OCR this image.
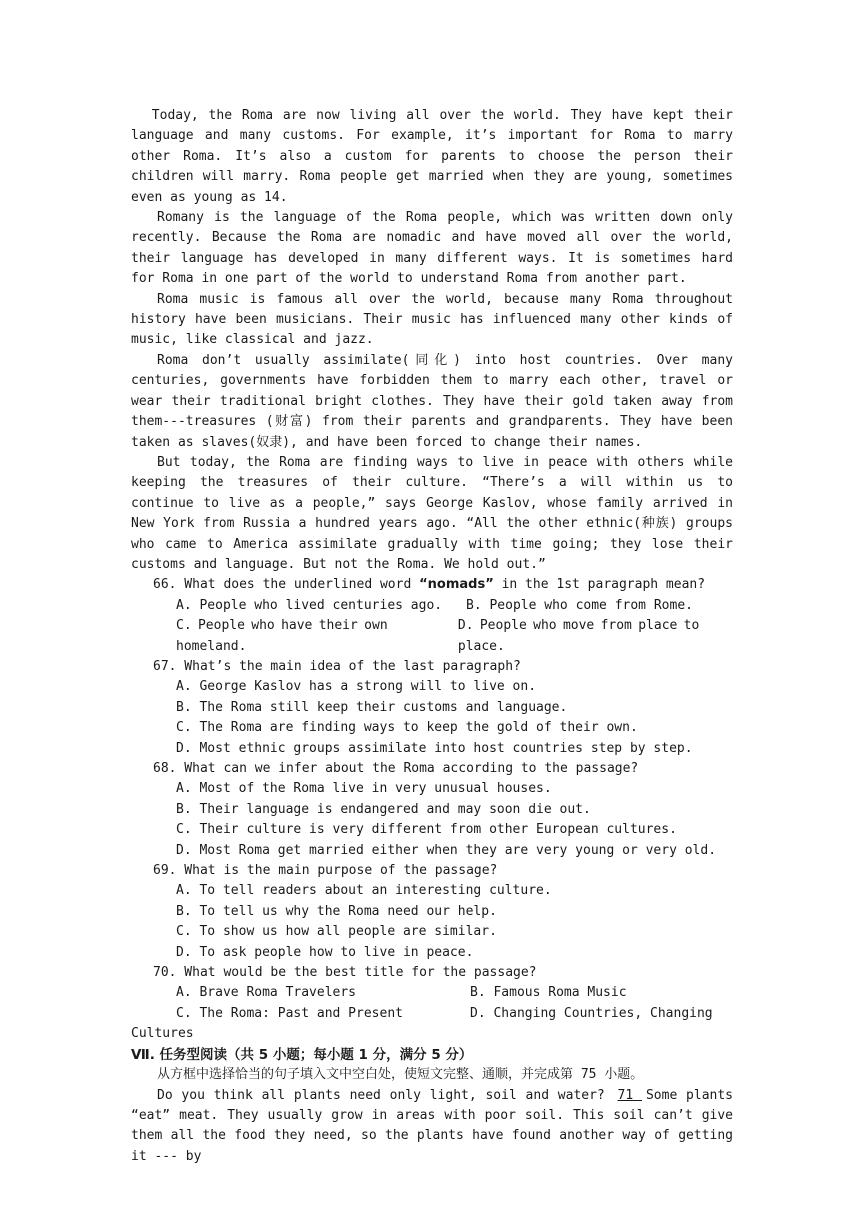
Today, the Roma are now living all over the world. They have kept their language and many customs. For example, it’s important for Roma to marry other Roma. It’s also a custom for parents to choose the person their children will marry. Roma people get married when they are young, sometimes even as young as 14.

Romany is the language of the Roma people, which was written down only recently. Because the Roma are nomadic and have moved all over the world, their language has developed in many different ways. It is sometimes hard for Roma in one part of the world to understand Roma from another part.

Roma music is famous all over the world, because many Roma throughout history have been musicians. Their music has influenced many other kinds of music, like classical and jazz.

Roma don’t usually assimilate(同化) into host countries. Over many centuries, governments have forbidden them to marry each other, travel or wear their traditional bright clothes. They have their gold taken away from them---treasures (财富) from their parents and grandparents. They have been taken as slaves(奴隶), and have been forced to change their names.

But today, the Roma are finding ways to live in peace with others while keeping the treasures of their culture. “There’s a will within us to continue to live as a people,” says George Kaslov, whose family arrived in New York from Russia a hundred years ago. “All the other ethnic(种族) groups who came to America assimilate gradually with time going; they lose their customs and language. But not the Roma. We hold out.”

66. What does the underlined word “nomads” in the 1st paragraph mean?

A. People who lived centuries ago.	B. People who come from Rome.
C. People who have their own homeland.

D. People who move from place to place.

67. What’s the main idea of the last paragraph?

A. George Kaslov has a strong will to live on.

B. The Roma still keep their customs and language.

C. The Roma are finding ways to keep the gold of their own.

D. Most ethnic groups assimilate into host countries step by step.

68. What can we infer about the Roma according to the passage?

A. Most of the Roma live in very unusual houses.

B. Their language is endangered and may soon die out.

C. Their culture is very different from other European cultures.

D. Most Roma get married either when they are very young or very old.

69. What is the main purpose of the passage?

A. To tell readers about an interesting culture.

B. To tell us why the Roma need our help.

C. To show us how all people are similar.

D. To ask people how to live in peace.

70. What would be the best title for the passage?

A. Brave Roma Travelers	B. Famous Roma Music
C. The Roma: Past and Present	D. Changing Countries, Changing

Cultures

Ⅶ. 任务型阅读（共 5 小题；每小题 1 分，满分 5 分）

从方框中选择恰当的句子填入文中空白处，使短文完整、通顺，并完成第 75 小题。

Do you think all plants need only light, soil and water? 71 Some plants “eat” meat. They usually grow in areas with poor soil. This soil can’t give them all the food they need, so the plants have found another way of getting it --- by
